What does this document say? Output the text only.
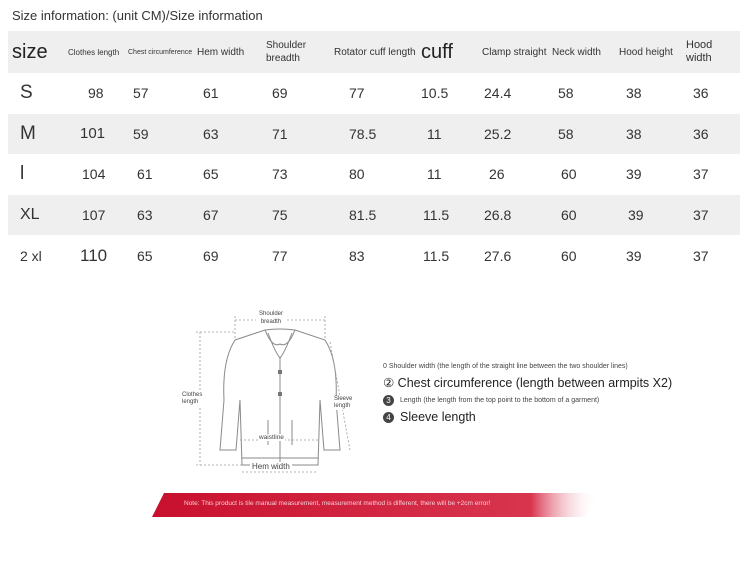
Size information: (unit CM)/Size information
size	Clothes length	Chest circumference	Hem width	Shoulder breadth	Rotator cuff length	cuff	Clamp straight	Neck width	Hood height	Hood width
S	98	57	61	69	77	10.5	24.4	58	38	36
M	101	59	63	71	78.5	11	25.2	58	38	36
l	104	61	65	73	80	11	26	60	39	37
XL	107	63	67	75	81.5	11.5	26.8	60	39	37
2 xl	110	65	69	77	83	11.5	27.6	60	39	37
Shoulder breadth
Clothes length	Sleeve length
waistline
Hem width
0 Shoulder width (the length of the straight line between the two shoulder lines)
② Chest circumference (length between armpits X2)
3	Length (the length from the top point to the bottom of a garment)
4 Sleeve length
Note: This product is tile manual measurement, measurement method is different, there will be +2cm error!
